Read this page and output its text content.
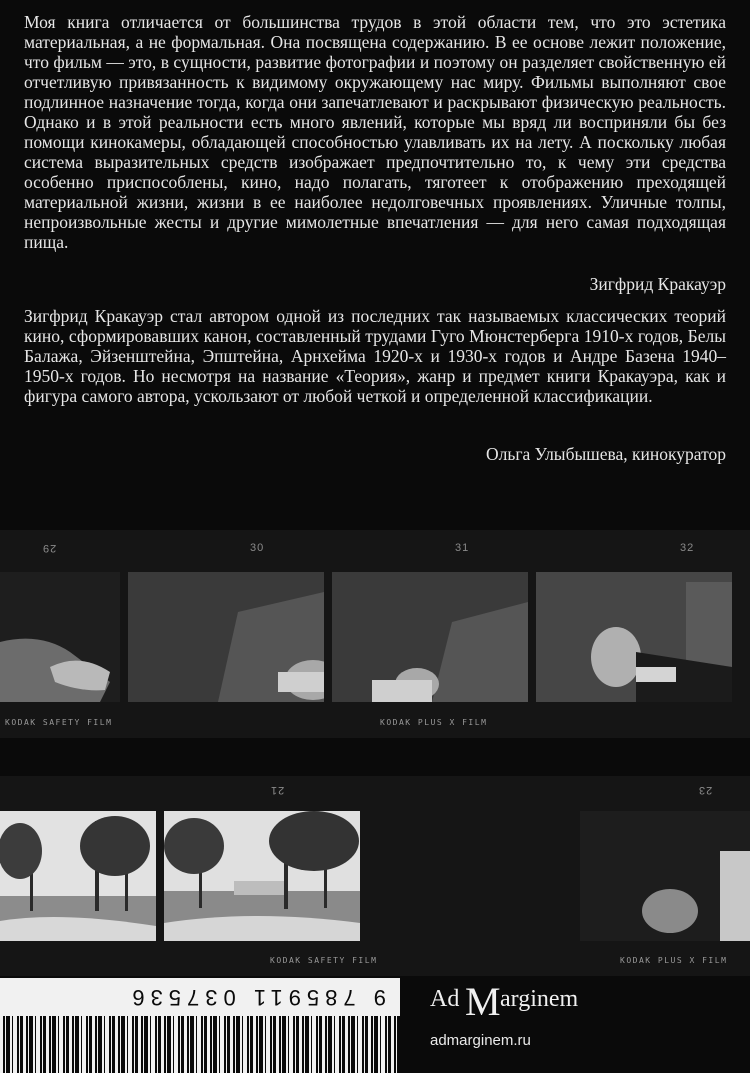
Моя книга отличается от большинства трудов в этой области тем, что это эстетика материальная, а не формальная. Она посвящена содержанию. В ее основе лежит положение, что фильм — это, в сущности, развитие фотографии и поэтому он разделяет свойственную ей отчетливую привязанность к видимому окружающему нас миру. Фильмы выполняют свое подлинное назначение тогда, когда они запечатлевают и раскрывают физическую реальность. Однако и в этой реальности есть много явлений, которые мы вряд ли восприняли бы без помощи кинокамеры, обладающей способностью улавливать их на лету. А поскольку любая система выразительных средств изображает предпочтительно то, к чему эти средства особенно приспособлены, кино, надо полагать, тяготеет к отображению преходящей материальной жизни, жизни в ее наиболее недолговечных проявлениях. Уличные толпы, непроизвольные жесты и другие мимолетные впечатления — для него самая подходящая пища.

Зигфрид Кракауэр

Зигфрид Кракауэр стал автором одной из последних так называемых классических теорий кино, сформировавших канон, составленный трудами Гуго Мюнстерберга 1910-х годов, Белы Балажа, Эйзенштейна, Эпштейна, Арнхейма 1920-х и 1930-х годов и Андре Базена 1940–1950-х годов. Но несмотря на название «Теория», жанр и предмет книги Кракауэра, как и фигура самого автора, ускользают от любой четкой и определенной классификации.

Ольга Улыбышева, кинокуратор
29	30	31	32
KODAK SAFETY FILM	KODAK PLUS X FILM
21	23
KODAK SAFETY FILM	KODAK PLUS X FILM
9 785911 037536 Ad M arginem
admarginem.ru
